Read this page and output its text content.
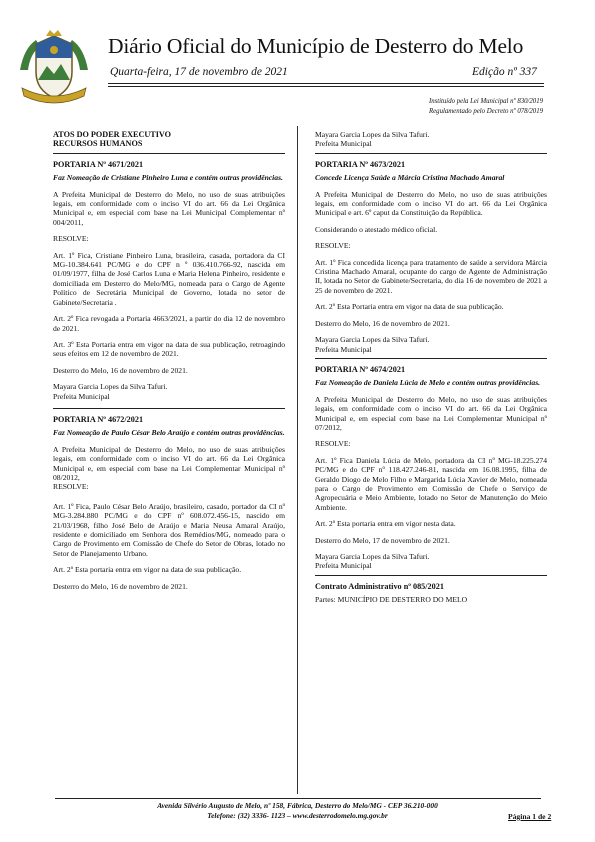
Diário Oficial do Município de Desterro do Melo
Quarta-feira, 17 de novembro de 2021	Edição nº 337
Instituído pela Lei Municipal nº 830/2019
Regulamentado pelo Decreto nº 078/2019

ATOS DO PODER EXECUTIVO

RECURSOS HUMANOS

PORTARIA Nº 4671/2021

Faz Nomeação de Cristiane Pinheiro Luna e contém outras providências.

A Prefeita Municipal de Desterro do Melo, no uso de suas atribuições legais, em conformidade com o inciso VI do art. 66 da Lei Orgânica Municipal e, em especial com base na Lei Municipal Complementar nº 004/2011,

RESOLVE:

Art. 1º Fica, Cristiane Pinheiro Luna, brasileira, casada, portadora da CI MG-10.384.641 PC/MG e do CPF n º 036.410.766-92, nascida em 01/09/1977, filha de José Carlos Luna e Maria Helena Pinheiro, residente e domiciliada em Desterro do Melo/MG, nomeada para o Cargo de Agente Político de Secretária Municipal de Governo, lotada no setor de Gabinete/Secretaria .

Art. 2º Fica revogada a Portaria 4663/2021, a partir do dia 12 de novembro de 2021.

Art. 3º Esta Portaria entra em vigor na data de sua publicação, retroagindo seus efeitos em 12 de novembro de 2021.

Desterro do Melo, 16 de novembro de 2021.

Mayara Garcia Lopes da Silva Tafuri.

Prefeita Municipal

PORTARIA Nº 4672/2021

Faz Nomeação de Paulo César Belo Araújo e contém outras providências.

A Prefeita Municipal de Desterro do Melo, no uso de suas atribuições legais, em conformidade com o inciso VI do art. 66 da Lei Orgânica Municipal e, em especial com base na Lei Complementar Municipal nº 08/2012,

RESOLVE:

Art. 1º Fica, Paulo César Belo Araújo, brasileiro, casado, portador da CI nº MG-3.284.880 PC/MG e do CPF nº 608.072.456-15, nascido em 21/03/1968, filho José Belo de Araújo e Maria Neusa Amaral Araújo, residente e domiciliado em Senhora dos Remédios/MG, nomeado para o Cargo de Provimento em Comissão de Chefe do Setor de Obras, lotado no Setor de Planejamento Urbano.

Art. 2º Esta portaria entra em vigor na data de sua publicação.

Desterro do Melo, 16 de novembro de 2021.

Mayara Garcia Lopes da Silva Tafuri.

Prefeita Municipal

PORTARIA Nº 4673/2021

Concede Licença Saúde a Márcia Cristina Machado Amaral

A Prefeita Municipal de Desterro do Melo, no uso de suas atribuições legais, em conformidade com o inciso VI do art. 66 da Lei Orgânica Municipal e art. 6º caput da Constituição da República.

Considerando o atestado médico oficial.

RESOLVE:

Art. 1º Fica concedida licença para tratamento de saúde a servidora Márcia Cristina Machado Amaral, ocupante do cargo de Agente de Administração II, lotada no Setor de Gabinete/Secretaria, do dia 16 de novembro de 2021 a 25 de novembro de 2021.

Art. 2º Esta Portaria entra em vigor na data de sua publicação.

Desterro do Melo, 16 de novembro de 2021.

Mayara Garcia Lopes da Silva Tafuri.

Prefeita Municipal

PORTARIA Nº 4674/2021

Faz Nomeação de Daniela Lúcia de Melo e contém outras providências.

A Prefeita Municipal de Desterro do Melo, no uso de suas atribuições legais, em conformidade com o inciso VI do art. 66 da Lei Orgânica Municipal e, em especial com base na Lei Complementar Municipal nº 07/2012,

RESOLVE:

Art. 1º Fica Daniela Lúcia de Melo, portadora da CI nº MG-18.225.274 PC/MG e do CPF nº 118.427.246-81, nascida em 16.08.1995, filha de Geraldo Diogo de Melo Filho e Margarida Lúcia Xavier de Melo, nomeada para o Cargo de Provimento em Comissão de Chefe o Serviço de Agropecuária e Meio Ambiente, lotado no Setor de Manutenção do Meio Ambiente.

Art. 2º Esta portaria entra em vigor nesta data.

Desterro do Melo, 17 de novembro de 2021.

Mayara Garcia Lopes da Silva Tafuri.

Prefeita Municipal

Contrato Administrativo nº 085/2021

Partes: MUNICÍPIO DE DESTERRO DO MELO

Avenida Silvério Augusto de Melo, nº 158, Fábrica, Desterro do Melo/MG - CEP 36.210-000
Telefone: (32) 3336- 1123 – www.desterrodomelo.mg.gov.br	Página 1 de 2
